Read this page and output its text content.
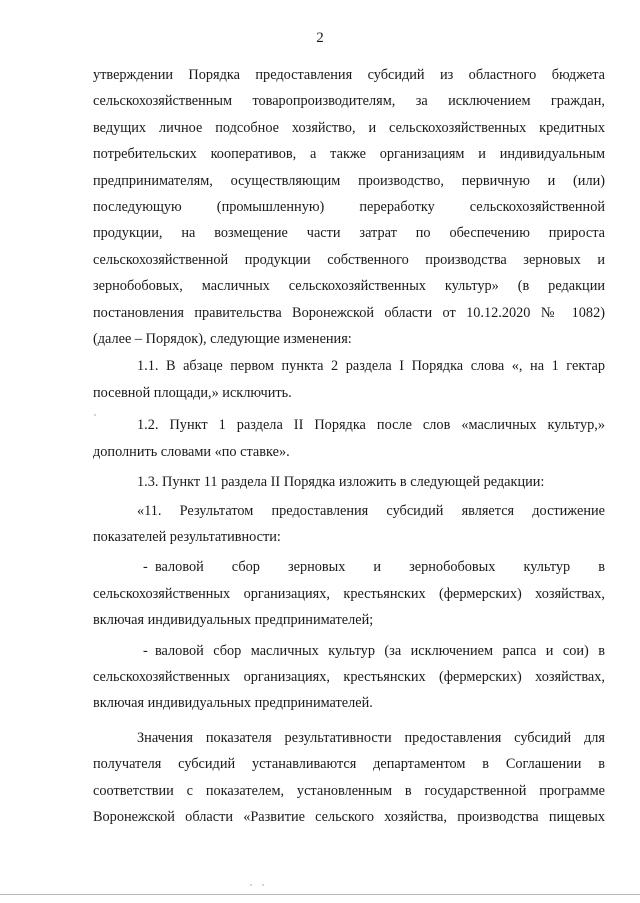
2
утверждении Порядка предоставления субсидий из областного бюджета
сельскохозяйственным товаропроизводителям, за исключением граждан,
ведущих личное подсобное хозяйство, и сельскохозяйственных кредитных
потребительских кооперативов, а также организациям и индивидуальным
предпринимателям, осуществляющим производство, первичную и (или)
последующую (промышленную) переработку сельскохозяйственной
продукции, на возмещение части затрат по обеспечению прироста
сельскохозяйственной продукции собственного производства зерновых и
зернобобовых, масличных сельскохозяйственных культур» (в редакции
постановления правительства Воронежской области от 10.12.2020 № 1082)
(далее – Порядок), следующие изменения:
1.1. В абзаце первом пункта 2 раздела I Порядка слова «, на 1 гектар
посевной площади,» исключить.
1.2. Пункт 1 раздела II Порядка после слов «масличных культур,»
дополнить словами «по ставке».
1.3. Пункт 11 раздела II Порядка изложить в следующей редакции:
«11. Результатом предоставления субсидий является достижение
показателей результативности:
- валовой сбор зерновых и зернобобовых культур в
сельскохозяйственных организациях, крестьянских (фермерских) хозяйствах,
включая индивидуальных предпринимателей;
- валовой сбор масличных культур (за исключением рапса и сои) в
сельскохозяйственных организациях, крестьянских (фермерских) хозяйствах,
включая индивидуальных предпринимателей.
Значения показателя результативности предоставления субсидий для
получателя субсидий устанавливаются департаментом в Соглашении в
соответствии с показателем, установленным в государственной программе
Воронежской области «Развитие сельского хозяйства, производства пищевых
